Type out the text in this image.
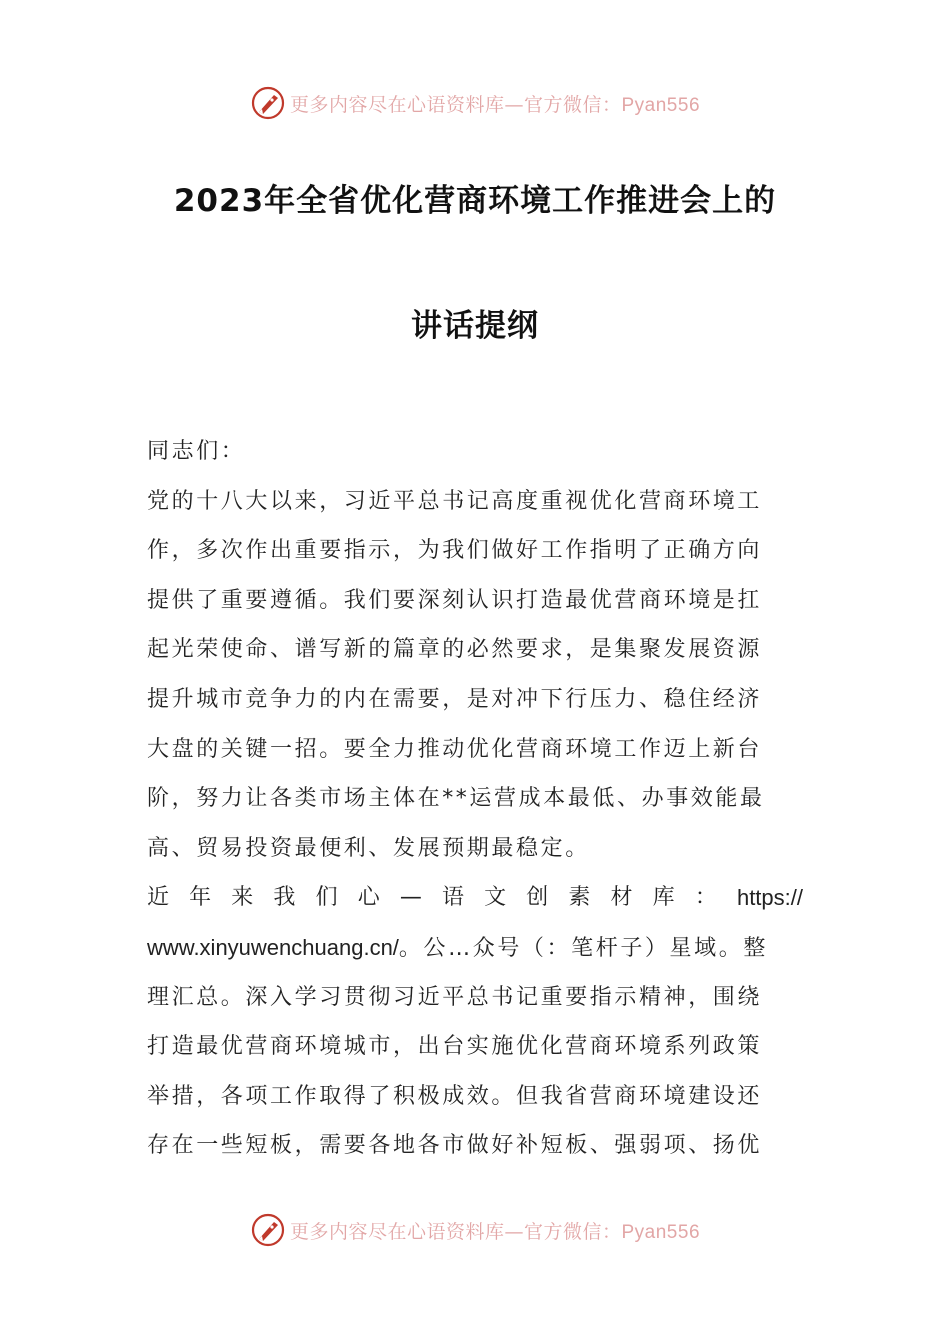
更多内容尽在心语资料库—官方微信：Pyan556
2023年全省优化营商环境工作推进会上的
讲话提纲
同志们：
党的十八大以来，习近平总书记高度重视优化营商环境工
作，多次作出重要指示，为我们做好工作指明了正确方向
提供了重要遵循。我们要深刻认识打造最优营商环境是扛
起光荣使命、谱写新的篇章的必然要求，是集聚发展资源
提升城市竞争力的内在需要，是对冲下行压力、稳住经济
大盘的关键一招。要全力推动优化营商环境工作迈上新台
阶，努力让各类市场主体在**运营成本最低、办事效能最
高、贸易投资最便利、发展预期最稳定。
近 年 来 我 们 心 — 语 文 创 素 材 库 ： https://
www.xinyuwenchuang.cn/。公…众号（：笔杆子）星域。整
理汇总。深入学习贯彻习近平总书记重要指示精神，围绕
打造最优营商环境城市，出台实施优化营商环境系列政策
举措，各项工作取得了积极成效。但我省营商环境建设还
存在一些短板，需要各地各市做好补短板、强弱项、扬优
更多内容尽在心语资料库—官方微信：Pyan556
